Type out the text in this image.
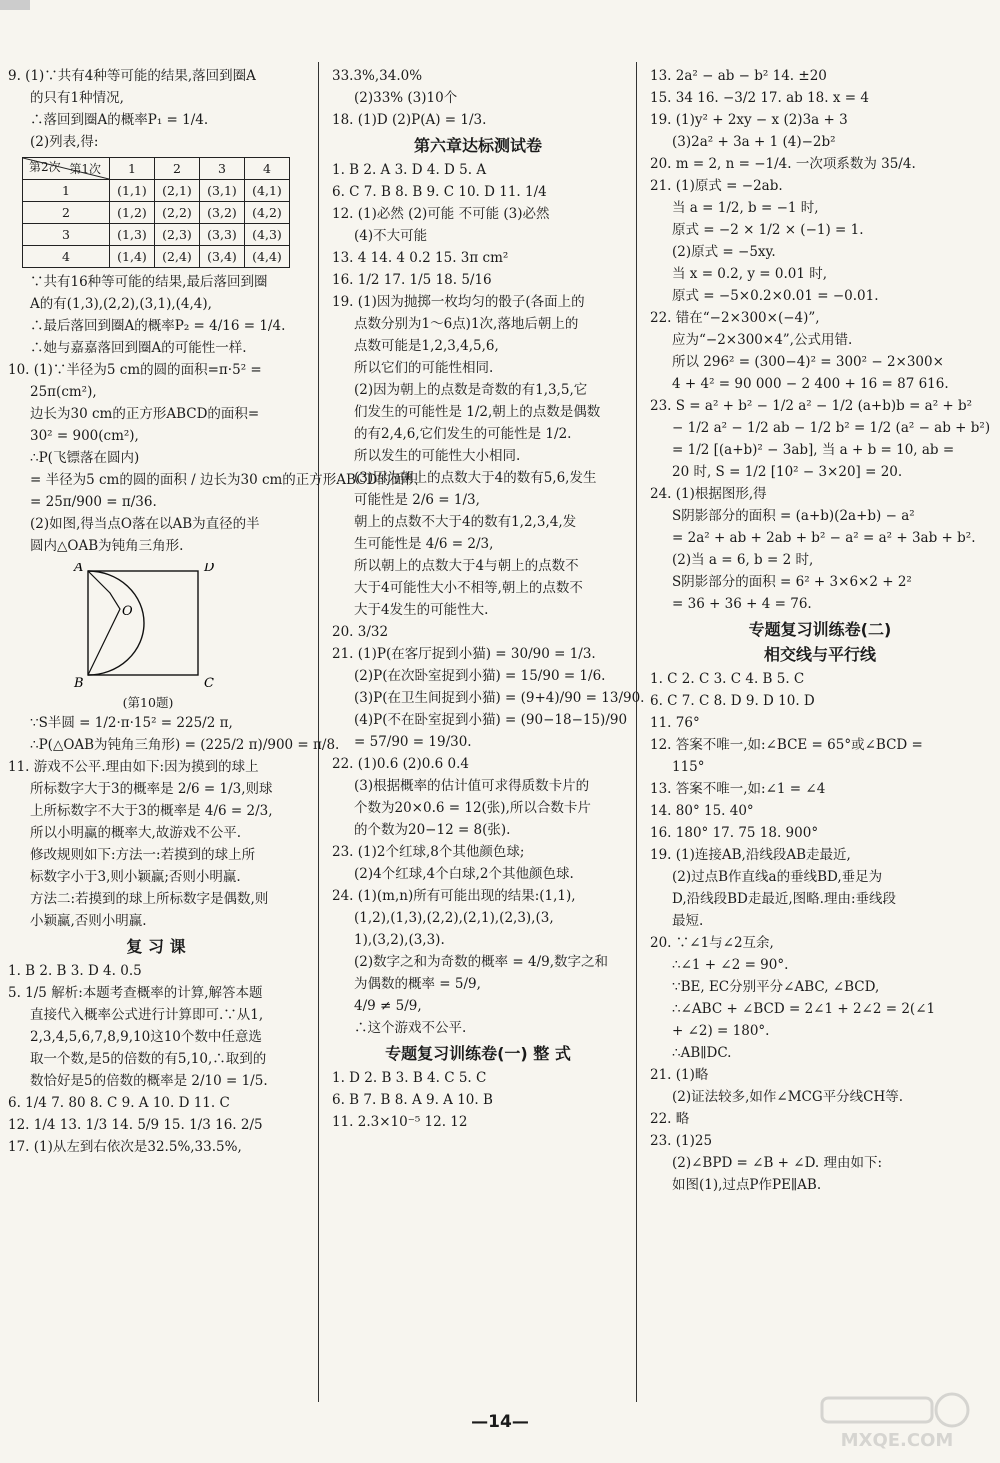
9. (1)∵共有4种等可能的结果,落回到圈A
的只有1种情况,
∴落回到圈A的概率P₁ = 1/4.
(2)列表,得:
第1次
第2次	1	2	3	4
1	(1,1)	(2,1)	(3,1)	(4,1)
2	(1,2)	(2,2)	(3,2)	(4,2)
3	(1,3)	(2,3)	(3,3)	(4,3)
4	(1,4)	(2,4)	(3,4)	(4,4)
∵共有16种等可能的结果,最后落回到圈
A的有(1,3),(2,2),(3,1),(4,4),
∴最后落回到圈A的概率P₂ = 4/16 = 1/4.
∴她与嘉嘉落回到圈A的可能性一样.
10. (1)∵半径为5 cm的圆的面积=π·5² =
25π(cm²),
边长为30 cm的正方形ABCD的面积=
30² = 900(cm²),
∴P(飞镖落在圆内)
= 半径为5 cm的圆的面积 / 边长为30 cm的正方形ABCD的面积
= 25π/900 = π/36.
(2)如图,得当点O落在以AB为直径的半
圆内△OAB为钝角三角形.
A	D
B	C
O
(第10题)
∵S半圆 = 1/2·π·15² = 225/2 π,
∴P(△OAB为钝角三角形) = (225/2 π)/900 = π/8.
11. 游戏不公平.理由如下:因为摸到的球上
所标数字大于3的概率是 2/6 = 1/3,则球
上所标数字不大于3的概率是 4/6 = 2/3,
所以小明赢的概率大,故游戏不公平.
修改规则如下:方法一:若摸到的球上所
标数字小于3,则小颖赢;否则小明赢.
方法二:若摸到的球上所标数字是偶数,则
小颖赢,否则小明赢.
复 习 课
1. B 2. B 3. D 4. 0.5
5. 1/5 解析:本题考查概率的计算,解答本题
直接代入概率公式进行计算即可.∵从1,
2,3,4,5,6,7,8,9,10这10个数中任意选
取一个数,是5的倍数的有5,10,∴取到的
数恰好是5的倍数的概率是 2/10 = 1/5.
6. 1/4 7. 80 8. C 9. A 10. D 11. C
12. 1/4 13. 1/3 14. 5/9 15. 1/3 16. 2/5
17. (1)从左到右依次是32.5%,33.5%,
33.3%,34.0%
(2)33% (3)10个
18. (1)D (2)P(A) = 1/3.
第六章达标测试卷
1. B 2. A 3. D 4. D 5. A
6. C 7. B 8. B 9. C 10. D 11. 1/4
12. (1)必然 (2)可能 不可能 (3)必然
(4)不大可能
13. 4 14. 4 0.2 15. 3π cm²
16. 1/2 17. 1/5 18. 5/16
19. (1)因为抛掷一枚均匀的骰子(各面上的
点数分别为1～6点)1次,落地后朝上的
点数可能是1,2,3,4,5,6,
所以它们的可能性相同.
(2)因为朝上的点数是奇数的有1,3,5,它
们发生的可能性是 1/2,朝上的点数是偶数
的有2,4,6,它们发生的可能性是 1/2.
所以发生的可能性大小相同.
(3)因为朝上的点数大于4的数有5,6,发生
可能性是 2/6 = 1/3,
朝上的点数不大于4的数有1,2,3,4,发
生可能性是 4/6 = 2/3,
所以朝上的点数大于4与朝上的点数不
大于4可能性大小不相等,朝上的点数不
大于4发生的可能性大.
20. 3/32
21. (1)P(在客厅捉到小猫) = 30/90 = 1/3.
(2)P(在次卧室捉到小猫) = 15/90 = 1/6.
(3)P(在卫生间捉到小猫) = (9+4)/90 = 13/90.
(4)P(不在卧室捉到小猫) = (90−18−15)/90
= 57/90 = 19/30.
22. (1)0.6 (2)0.6 0.4
(3)根据概率的估计值可求得质数卡片的
个数为20×0.6 = 12(张),所以合数卡片
的个数为20−12 = 8(张).
23. (1)2个红球,8个其他颜色球;
(2)4个红球,4个白球,2个其他颜色球.
24. (1)(m,n)所有可能出现的结果:(1,1),
(1,2),(1,3),(2,2),(2,1),(2,3),(3,
1),(3,2),(3,3).
(2)数字之和为奇数的概率 = 4/9,数字之和
为偶数的概率 = 5/9,
4/9 ≠ 5/9,
∴这个游戏不公平.
专题复习训练卷(一) 整 式
1. D 2. B 3. B 4. C 5. C
6. B 7. B 8. A 9. A 10. B
11. 2.3×10⁻⁵ 12. 12
13. 2a² − ab − b² 14. ±20
15. 34 16. −3/2 17. ab 18. x = 4
19. (1)y² + 2xy − x (2)3a + 3
(3)2a² + 3a + 1 (4)−2b²
20. m = 2, n = −1/4. 一次项系数为 35/4.
21. (1)原式 = −2ab.
当 a = 1/2, b = −1 时,
原式 = −2 × 1/2 × (−1) = 1.
(2)原式 = −5xy.
当 x = 0.2, y = 0.01 时,
原式 = −5×0.2×0.01 = −0.01.
22. 错在“−2×300×(−4)”,
应为“−2×300×4”,公式用错.
所以 296² = (300−4)² = 300² − 2×300×
4 + 4² = 90 000 − 2 400 + 16 = 87 616.
23. S = a² + b² − 1/2 a² − 1/2 (a+b)b = a² + b²
− 1/2 a² − 1/2 ab − 1/2 b² = 1/2 (a² − ab + b²)
= 1/2 [(a+b)² − 3ab], 当 a + b = 10, ab =
20 时, S = 1/2 [10² − 3×20] = 20.
24. (1)根据图形,得
S阴影部分的面积 = (a+b)(2a+b) − a²
= 2a² + ab + 2ab + b² − a² = a² + 3ab + b².
(2)当 a = 6, b = 2 时,
S阴影部分的面积 = 6² + 3×6×2 + 2²
= 36 + 36 + 4 = 76.
专题复习训练卷(二)
相交线与平行线
1. C 2. C 3. C 4. B 5. C
6. C 7. C 8. D 9. D 10. D
11. 76°
12. 答案不唯一,如:∠BCE = 65°或∠BCD =
115°
13. 答案不唯一,如:∠1 = ∠4
14. 80° 15. 40°
16. 180° 17. 75 18. 900°
19. (1)连接AB,沿线段AB走最近,
(2)过点B作直线a的垂线BD,垂足为
D,沿线段BD走最近,图略.理由:垂线段
最短.
20. ∵∠1与∠2互余,
∴∠1 + ∠2 = 90°.
∵BE, EC分别平分∠ABC, ∠BCD,
∴∠ABC + ∠BCD = 2∠1 + 2∠2 = 2(∠1
+ ∠2) = 180°.
∴AB∥DC.
21. (1)略
(2)证法较多,如作∠MCG平分线CH等.
22. 略
23. (1)25
(2)∠BPD = ∠B + ∠D. 理由如下:
如图(1),过点P作PE∥AB.
—14—
MXQE.COM
